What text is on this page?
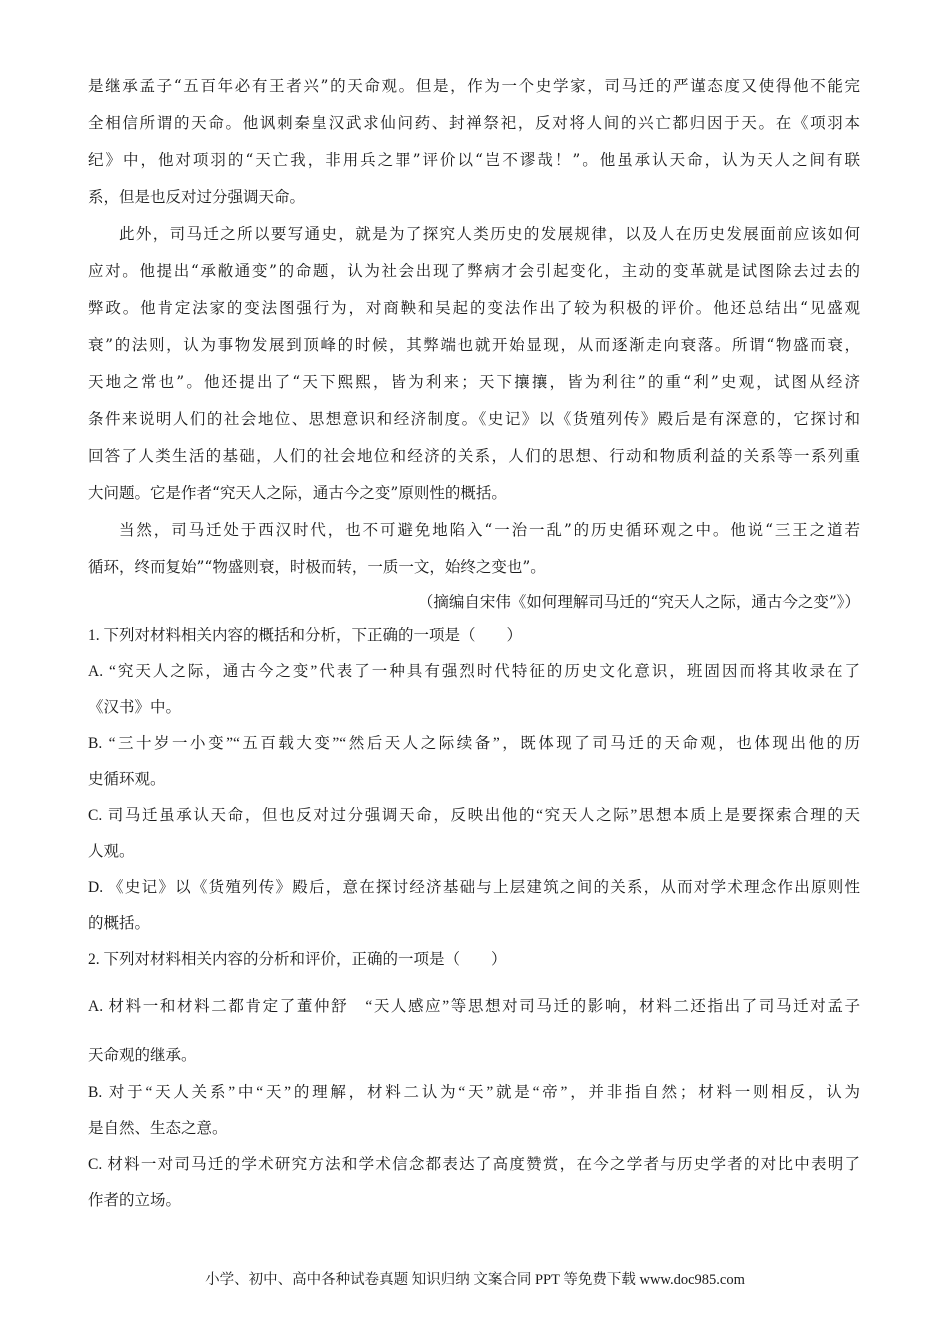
是继承孟子“五百年必有王者兴”的天命观。但是，作为一个史学家，司马迁的严谨态度又使得他不能完
全相信所谓的天命。他讽刺秦皇汉武求仙问药、封禅祭祀，反对将人间的兴亡都归因于天。在《项羽本
纪》中，他对项羽的“天亡我，非用兵之罪”评价以“岂不谬哉！”。他虽承认天命，认为天人之间有联
系，但是也反对过分强调天命。
此外，司马迁之所以要写通史，就是为了探究人类历史的发展规律，以及人在历史发展面前应该如何
应对。他提出“承敝通变”的命题，认为社会出现了弊病才会引起变化，主动的变革就是试图除去过去的
弊政。他肯定法家的变法图强行为，对商鞅和吴起的变法作出了较为积极的评价。他还总结出“见盛观
衰”的法则，认为事物发展到顶峰的时候，其弊端也就开始显现，从而逐渐走向衰落。所谓“物盛而衰，
天地之常也”。他还提出了“天下熙熙，皆为利来；天下攘攘，皆为利往”的重“利”史观，试图从经济
条件来说明人们的社会地位、思想意识和经济制度。《史记》以《货殖列传》殿后是有深意的，它探讨和
回答了人类生活的基础，人们的社会地位和经济的关系，人们的思想、行动和物质利益的关系等一系列重
大问题。它是作者“究天人之际，通古今之变”原则性的概括。
当然，司马迁处于西汉时代，也不可避免地陷入“一治一乱”的历史循环观之中。他说“三王之道若
循环，终而复始”“物盛则衰，时极而转，一质一文，始终之变也”。
（摘编自宋伟《如何理解司马迁的“究天人之际，通古今之变”》）
1. 下列对材料相关内容的概括和分析，下正确的一项是（　　）
A. “究天人之际，通古今之变”代表了一种具有强烈时代特征的历史文化意识，班固因而将其收录在了
《汉书》中。
B. “三十岁一小变”“五百载大变”“然后天人之际续备”，既体现了司马迁的天命观，也体现出他的历
史循环观。
C. 司马迁虽承认天命，但也反对过分强调天命，反映出他的“究天人之际”思想本质上是要探索合理的天
人观。
D. 《史记》以《货殖列传》殿后，意在探讨经济基础与上层建筑之间的关系，从而对学术理念作出原则性
的概括。
2. 下列对材料相关内容的分析和评价，正确的一项是（　　）
A. 材料一和材料二都肯定了董仲舒　“天人感应”等思想对司马迁的影响，材料二还指出了司马迁对孟子
天命观的继承。
B. 对于“天人关系”中“天”的理解，材料二认为“天”就是“帝”，并非指自然；材料一则相反，认为
是自然、生态之意。
C. 材料一对司马迁的学术研究方法和学术信念都表达了高度赞赏，在今之学者与历史学者的对比中表明了
作者的立场。
小学、初中、高中各种试卷真题 知识归纳 文案合同 PPT 等免费下载 www.doc985.com
